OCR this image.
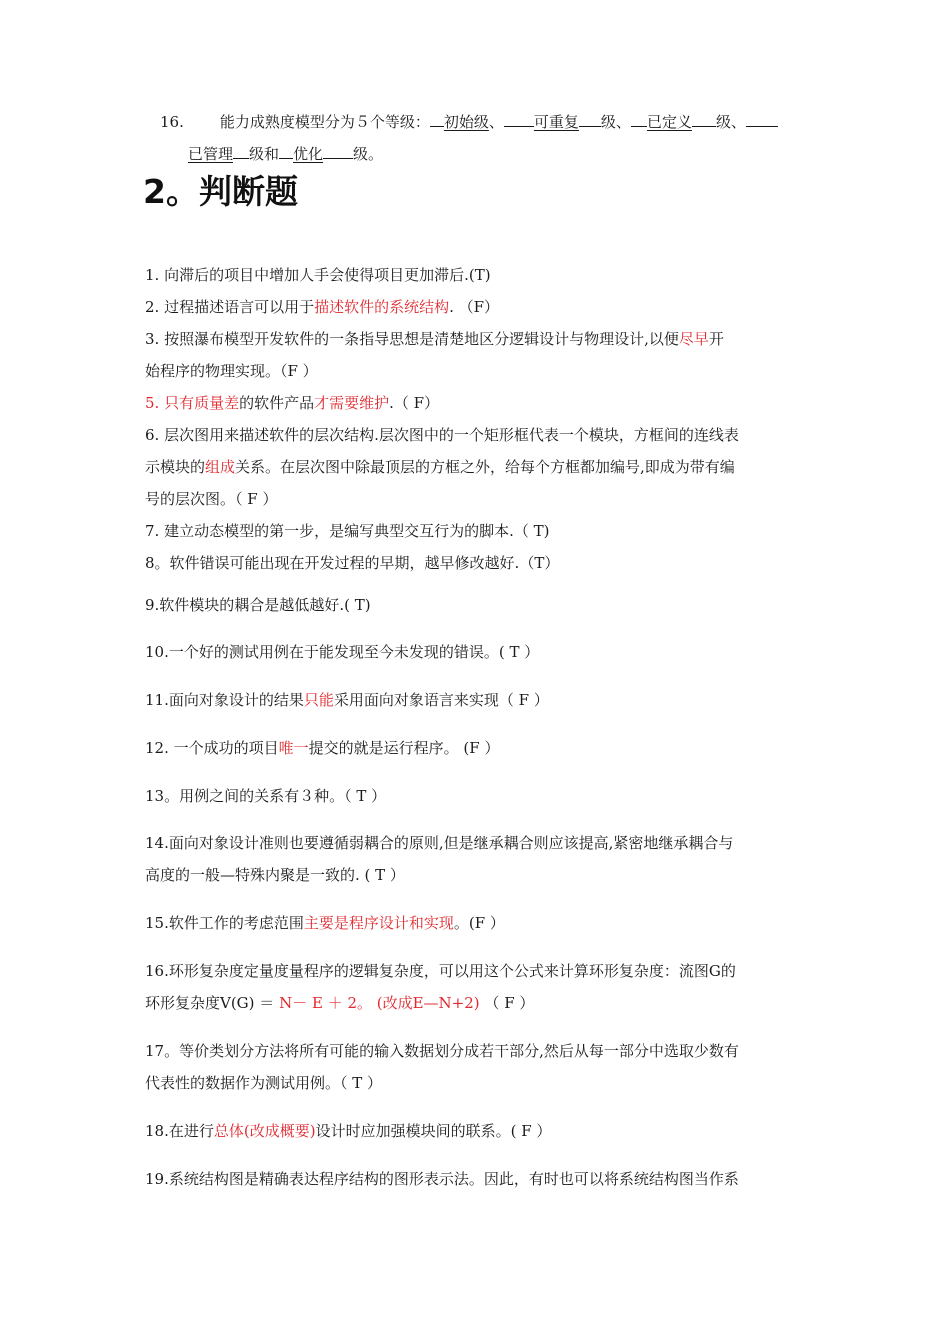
16. 能力成熟度模型分为５个等级： 初始级、 可重复 级、 已定义 级、
已管理 级和 优化 级。
2。判断题
1. 向滞后的项目中增加人手会使得项目更加滞后.(T)
2. 过程描述语言可以用于描述软件的系统结构. （F）
3. 按照瀑布模型开发软件的一条指导思想是清楚地区分逻辑设计与物理设计,以便尽早开
始程序的物理实现。（F ）
5. 只有质量差的软件产品才需要维护.（ F）
6. 层次图用来描述软件的层次结构.层次图中的一个矩形框代表一个模块，方框间的连线表
示模块的组成关系。在层次图中除最顶层的方框之外，给每个方框都加编号,即成为带有编
号的层次图。（ F ）
7. 建立动态模型的第一步，是编写典型交互行为的脚本.（ T)
8。软件错误可能出现在开发过程的早期，越早修改越好.（T）
9.软件模块的耦合是越低越好.( T)
10.一个好的测试用例在于能发现至今未发现的错误。( T ）
11.面向对象设计的结果只能采用面向对象语言来实现（ F ）
12. 一个成功的项目唯一提交的就是运行程序。 (F ）
13。用例之间的关系有３种。（ T ）
14.面向对象设计准则也要遵循弱耦合的原则,但是继承耦合则应该提高,紧密地继承耦合与
高度的一般—特殊内聚是一致的. ( T ）
15.软件工作的考虑范围主要是程序设计和实现。(F ）
16.环形复杂度定量度量程序的逻辑复杂度，可以用这个公式来计算环形复杂度：流图G的
环形复杂度V(G) ＝ N－ E ＋ 2。 (改成E—N+2) （ F ）
17。等价类划分方法将所有可能的输入数据划分成若干部分,然后从每一部分中选取少数有
代表性的数据作为测试用例。（ T ）
18.在进行总体(改成概要)设计时应加强模块间的联系。( F ）
19.系统结构图是精确表达程序结构的图形表示法。因此，有时也可以将系统结构图当作系
